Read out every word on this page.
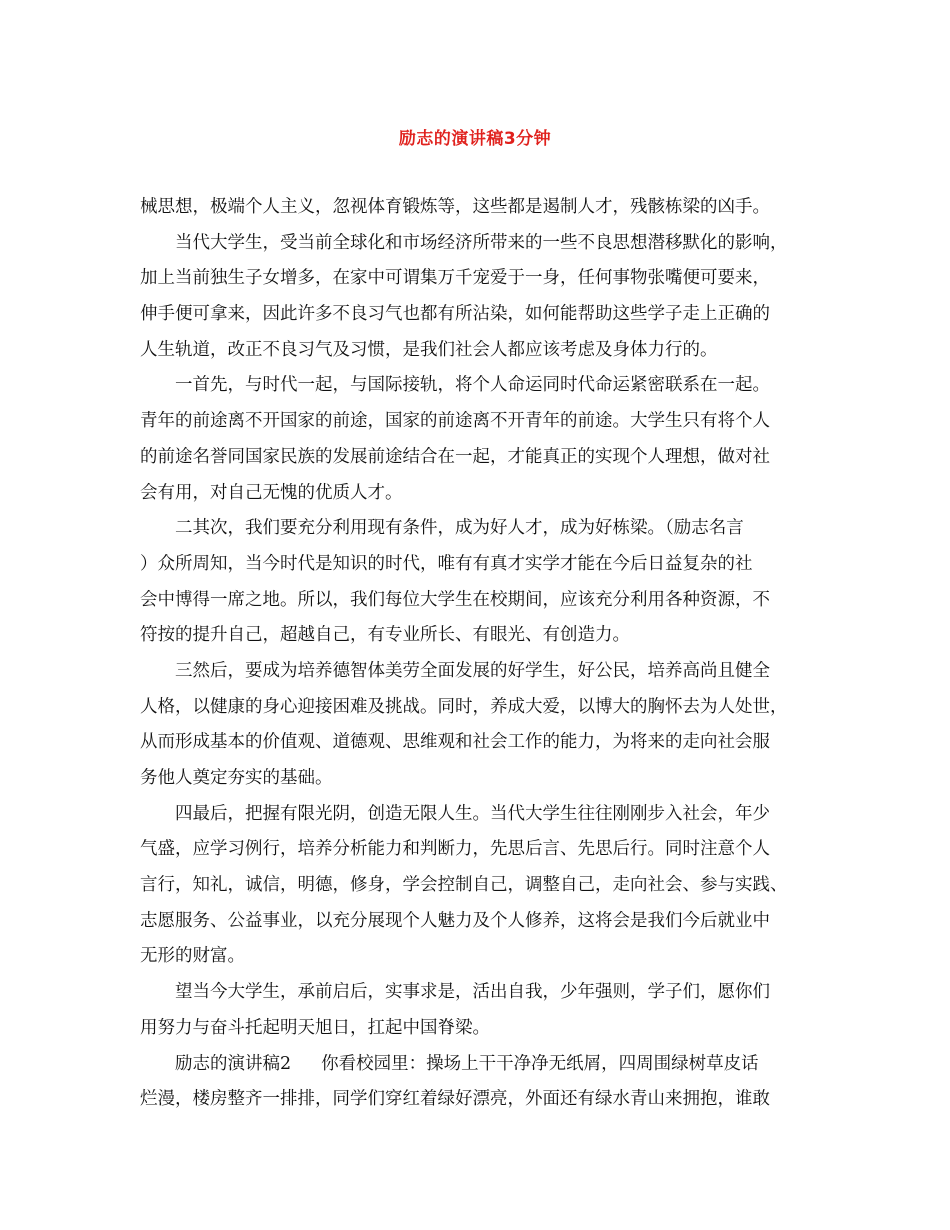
励志的演讲稿3分钟
械思想，极端个人主义，忽视体育锻炼等，这些都是遏制人才，残骸栋梁的凶手。
当代大学生，受当前全球化和市场经济所带来的一些不良思想潜移默化的影响，
加上当前独生子女增多，在家中可谓集万千宠爱于一身，任何事物张嘴便可要来，
伸手便可拿来，因此许多不良习气也都有所沾染，如何能帮助这些学子走上正确的
人生轨道，改正不良习气及习惯，是我们社会人都应该考虑及身体力行的。
一首先，与时代一起，与国际接轨，将个人命运同时代命运紧密联系在一起。
青年的前途离不开国家的前途，国家的前途离不开青年的前途。大学生只有将个人
的前途名誉同国家民族的发展前途结合在一起，才能真正的实现个人理想，做对社
会有用，对自己无愧的优质人才。
二其次，我们要充分利用现有条件，成为好人才，成为好栋梁。（励志名言
）众所周知，当今时代是知识的时代，唯有有真才实学才能在今后日益复杂的社
会中博得一席之地。所以，我们每位大学生在校期间，应该充分利用各种资源，不
符按的提升自己，超越自己，有专业所长、有眼光、有创造力。
三然后，要成为培养德智体美劳全面发展的好学生，好公民，培养高尚且健全
人格，以健康的身心迎接困难及挑战。同时，养成大爱，以博大的胸怀去为人处世，
从而形成基本的价值观、道德观、思维观和社会工作的能力，为将来的走向社会服
务他人奠定夯实的基础。
四最后，把握有限光阴，创造无限人生。当代大学生往往刚刚步入社会，年少
气盛，应学习例行，培养分析能力和判断力，先思后言、先思后行。同时注意个人
言行，知礼，诚信，明德，修身，学会控制自己，调整自己，走向社会、参与实践、
志愿服务、公益事业，以充分展现个人魅力及个人修养，这将会是我们今后就业中
无形的财富。
望当今大学生，承前启后，实事求是，活出自我，少年强则，学子们，愿你们
用努力与奋斗托起明天旭日，扛起中国脊梁。
励志的演讲稿2 你看校园里：操场上干干净净无纸屑，四周围绿树草皮话
烂漫，楼房整齐一排排，同学们穿红着绿好漂亮，外面还有绿水青山来拥抱，谁敢
